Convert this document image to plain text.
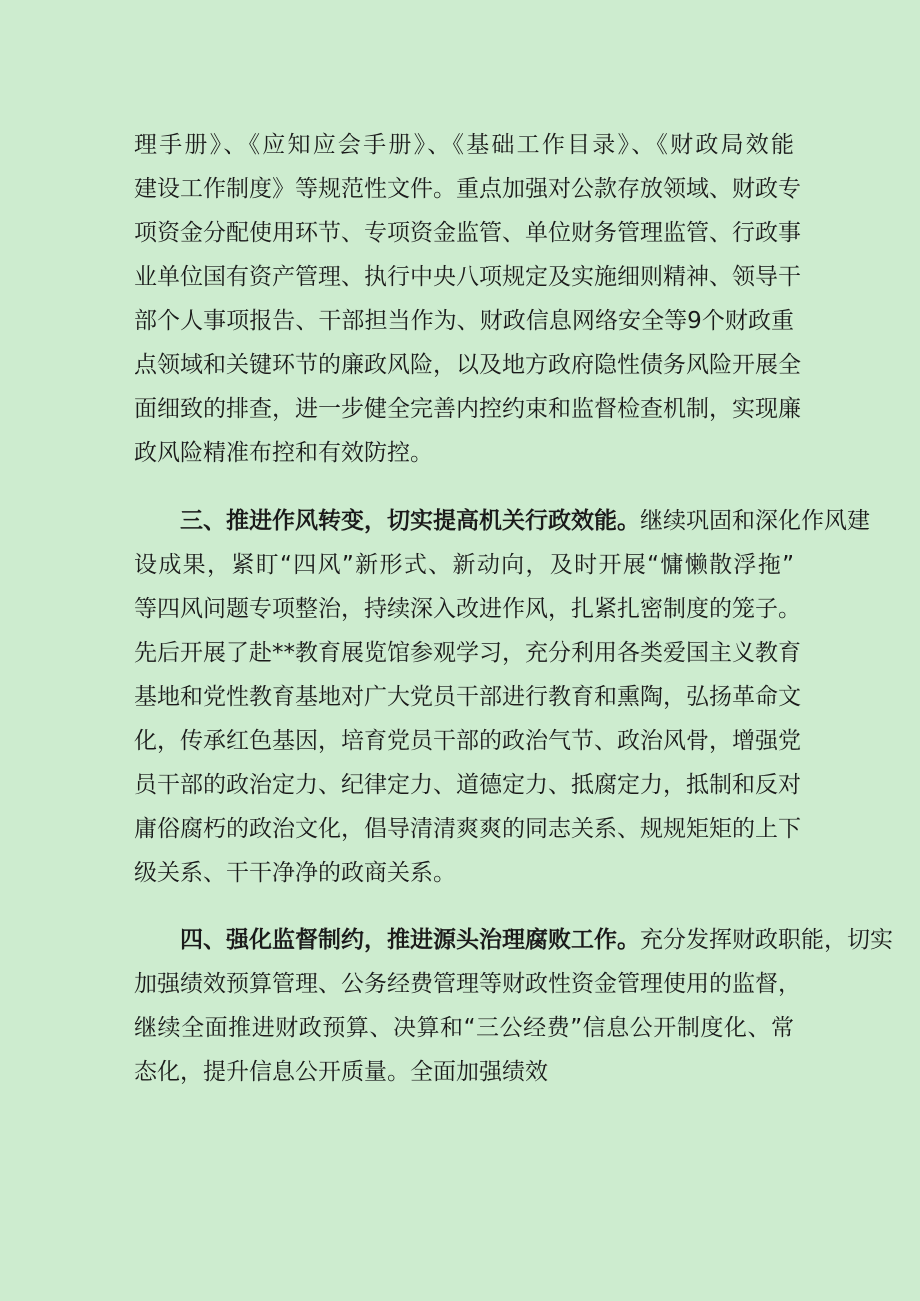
理手册》、《应知应会手册》、《基础工作目录》、《财政局效能
建设工作制度》等规范性文件。重点加强对公款存放领域、财政专
项资金分配使用环节、专项资金监管、单位财务管理监管、行政事
业单位国有资产管理、执行中央八项规定及实施细则精神、领导干
部个人事项报告、干部担当作为、财政信息网络安全等9个财政重
点领域和关键环节的廉政风险，以及地方政府隐性债务风险开展全
面细致的排查，进一步健全完善内控约束和监督检查机制，实现廉
政风险精准布控和有效防控。
三、推进作风转变，切实提高机关行政效能。继续巩固和深化作风建
设成果，紧盯“四风”新形式、新动向，及时开展“慵懒散浮拖”
等四风问题专项整治，持续深入改进作风，扎紧扎密制度的笼子。
先后开展了赴**教育展览馆参观学习，充分利用各类爱国主义教育
基地和党性教育基地对广大党员干部进行教育和熏陶，弘扬革命文
化，传承红色基因，培育党员干部的政治气节、政治风骨，增强党
员干部的政治定力、纪律定力、道德定力、抵腐定力，抵制和反对
庸俗腐朽的政治文化，倡导清清爽爽的同志关系、规规矩矩的上下
级关系、干干净净的政商关系。
四、强化监督制约，推进源头治理腐败工作。充分发挥财政职能，切实
加强绩效预算管理、公务经费管理等财政性资金管理使用的监督，
继续全面推进财政预算、决算和“三公经费”信息公开制度化、常
态化，提升信息公开质量。全面加强绩效
